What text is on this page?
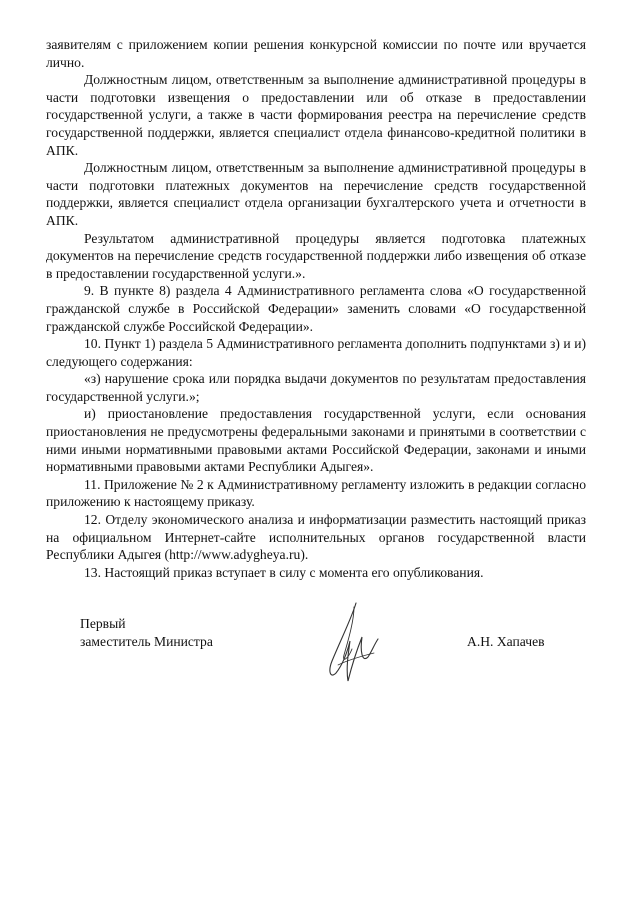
заявителям с приложением копии решения конкурсной комиссии по почте или вручается лично.

Должностным лицом, ответственным за выполнение административной процедуры в части подготовки извещения о предоставлении или об отказе в предоставлении государственной услуги, а также в части формирования реестра на перечисление средств государственной поддержки, является специалист отдела финансово-кредитной политики в АПК.

Должностным лицом, ответственным за выполнение административной процедуры в части подготовки платежных документов на перечисление средств государственной поддержки, является специалист отдела организации бухгалтерского учета и отчетности в АПК.

Результатом административной процедуры является подготовка платежных документов на перечисление средств государственной поддержки либо извещения об отказе в предоставлении государственной услуги.».

9. В пункте 8) раздела 4 Административного регламента слова «О государственной гражданской службе в Российской Федерации» заменить словами «О государственной гражданской службе Российской Федерации».

10. Пункт 1) раздела 5 Административного регламента дополнить подпунктами з) и и) следующего содержания:

«з) нарушение срока или порядка выдачи документов по результатам предоставления государственной услуги.»;

и) приостановление предоставления государственной услуги, если основания приостановления не предусмотрены федеральными законами и принятыми в соответствии с ними иными нормативными правовыми актами Российской Федерации, законами и иными нормативными правовыми актами Республики Адыгея».

11. Приложение № 2 к Административному регламенту изложить в редакции согласно приложению к настоящему приказу.

12. Отделу экономического анализа и информатизации разместить настоящий приказ на официальном Интернет-сайте исполнительных органов государственной власти Республики Адыгея (http://www.adygheya.ru).

13. Настоящий приказ вступает в силу с момента его опубликования.

Первый
заместитель Министра	А.Н. Хапачев
